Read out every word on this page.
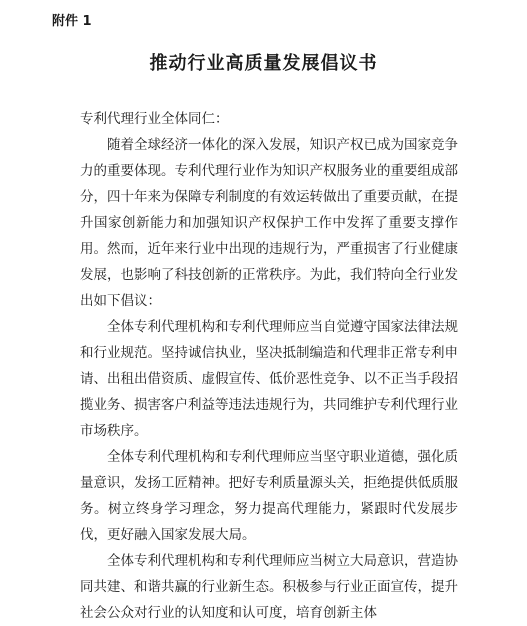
附件 1
推动行业高质量发展倡议书

专利代理行业全体同仁：

随着全球经济一体化的深入发展，知识产权已成为国家竞争力的重要体现。专利代理行业作为知识产权服务业的重要组成部分，四十年来为保障专利制度的有效运转做出了重要贡献，在提升国家创新能力和加强知识产权保护工作中发挥了重要支撑作用。然而，近年来行业中出现的违规行为，严重损害了行业健康发展，也影响了科技创新的正常秩序。为此，我们特向全行业发出如下倡议：

全体专利代理机构和专利代理师应当自觉遵守国家法律法规和行业规范。坚持诚信执业，坚决抵制编造和代理非正常专利申请、出租出借资质、虚假宣传、低价恶性竞争、以不正当手段招揽业务、损害客户利益等违法违规行为，共同维护专利代理行业市场秩序。

全体专利代理机构和专利代理师应当坚守职业道德，强化质量意识，发扬工匠精神。把好专利质量源头关，拒绝提供低质服务。树立终身学习理念，努力提高代理能力，紧跟时代发展步伐，更好融入国家发展大局。

全体专利代理机构和专利代理师应当树立大局意识，营造协同共建、和谐共赢的行业新生态。积极参与行业正面宣传，提升社会公众对行业的认知度和认可度，培育创新主体
